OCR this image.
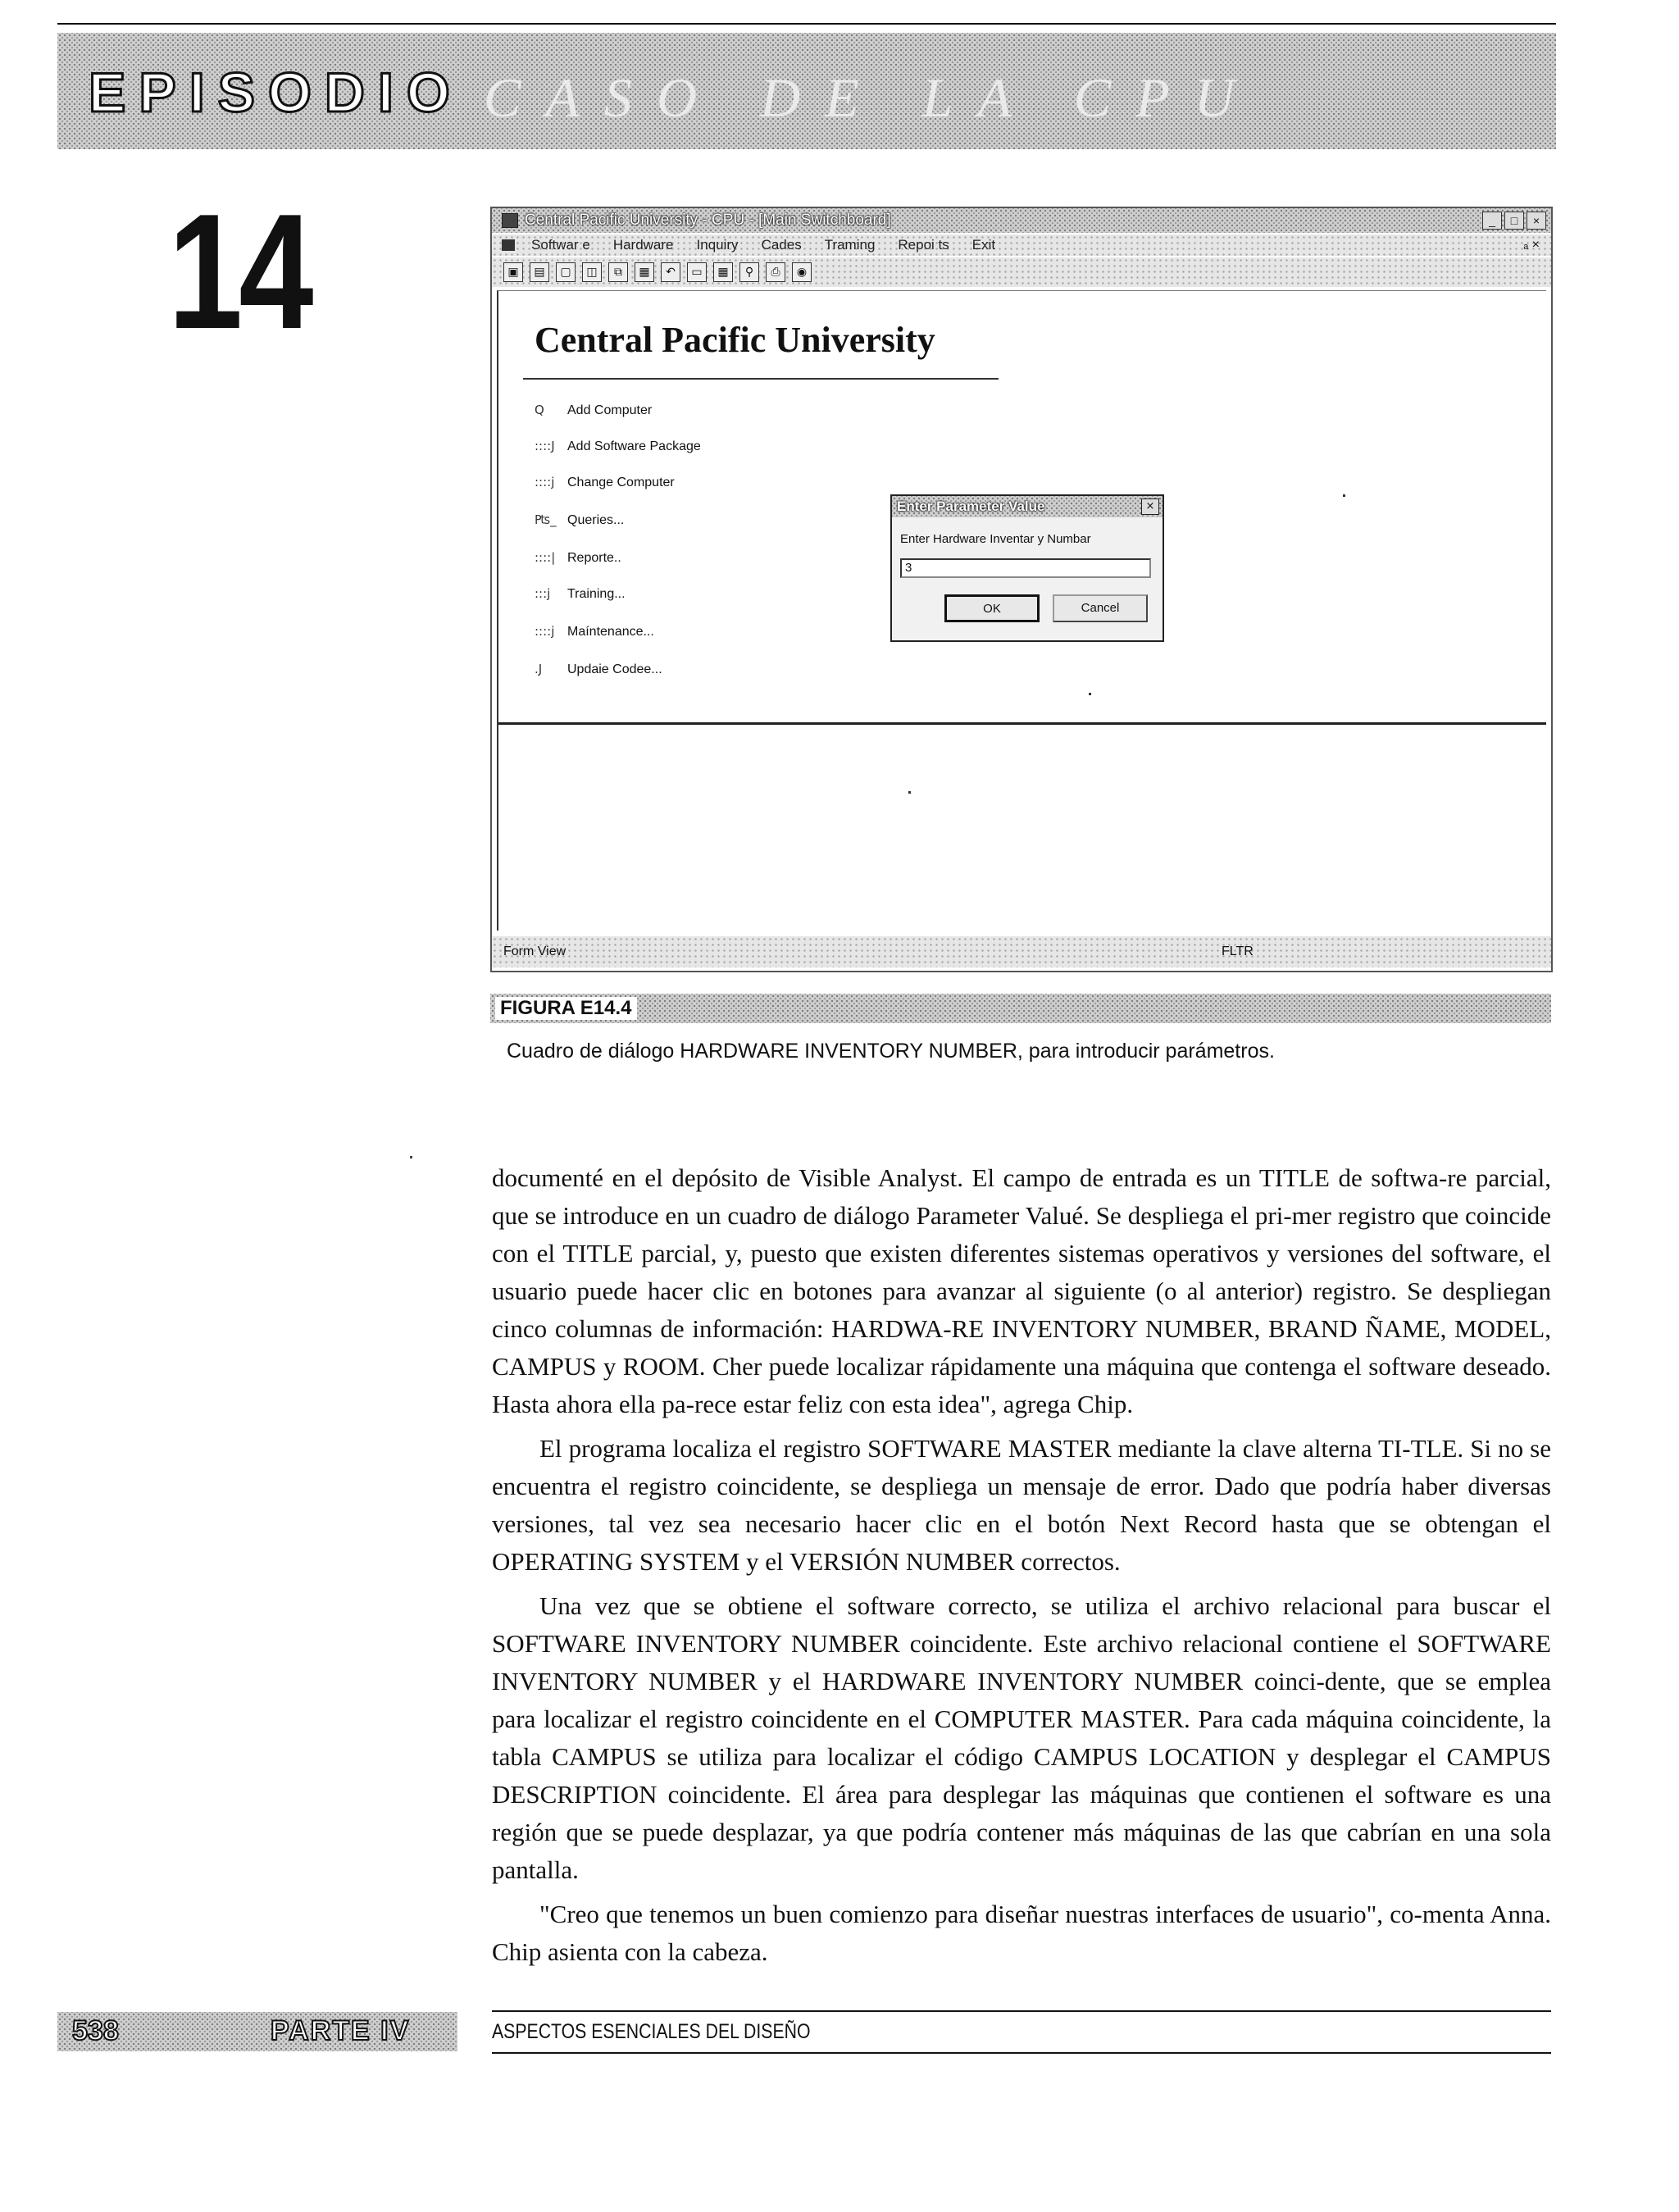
EPISODIO CASO DE LA CPU
14	Central Pacific University - CPU - [Main Switchboard]	_	□	×
Softwar e Hardware Inquiry Cades Traming Repoi ts Exit	ₐ ×
▣	▤	▢	◫	⧉	▦	↶	▭	▦	⚲	⎙	◉
Central Pacific University
Q	Add Computer
::::J Add Software Package
::::j Change Computer
₧_ Queries...
::::| Reporte..
:::j	Training...
::::j Maíntenance...
.J	Updaie Codee...
Enter Parameter Value	×
Enter Hardware Inventar y Numbar
3
OK	Cancel
Form View	FLTR
FIGURA E14.4
Cuadro de diálogo HARDWARE INVENTORY NUMBER, para introducir parámetros.

documenté en el depósito de Visible Analyst. El campo de entrada es un TITLE de softwa-re parcial, que se introduce en un cuadro de diálogo Parameter Valué. Se despliega el pri-mer registro que coincide con el TITLE parcial, y, puesto que existen diferentes sistemas operativos y versiones del software, el usuario puede hacer clic en botones para avanzar al siguiente (o al anterior) registro. Se despliegan cinco columnas de información: HARDWA-RE INVENTORY NUMBER, BRAND ÑAME, MODEL, CAMPUS y ROOM. Cher puede localizar rápidamente una máquina que contenga el software deseado. Hasta ahora ella pa-rece estar feliz con esta idea", agrega Chip.

El programa localiza el registro SOFTWARE MASTER mediante la clave alterna TI-TLE. Si no se encuentra el registro coincidente, se despliega un mensaje de error. Dado que podría haber diversas versiones, tal vez sea necesario hacer clic en el botón Next Record hasta que se obtengan el OPERATING SYSTEM y el VERSIÓN NUMBER correctos.

Una vez que se obtiene el software correcto, se utiliza el archivo relacional para buscar el SOFTWARE INVENTORY NUMBER coincidente. Este archivo relacional contiene el SOFTWARE INVENTORY NUMBER y el HARDWARE INVENTORY NUMBER coinci-dente, que se emplea para localizar el registro coincidente en el COMPUTER MASTER. Para cada máquina coincidente, la tabla CAMPUS se utiliza para localizar el código CAMPUS LOCATION y desplegar el CAMPUS DESCRIPTION coincidente. El área para desplegar las máquinas que contienen el software es una región que se puede desplazar, ya que podría contener más máquinas de las que cabrían en una sola pantalla.

"Creo que tenemos un buen comienzo para diseñar nuestras interfaces de usuario", co-menta Anna. Chip asienta con la cabeza.

538	PARTE IV	ASPECTOS ESENCIALES DEL DISEÑO
